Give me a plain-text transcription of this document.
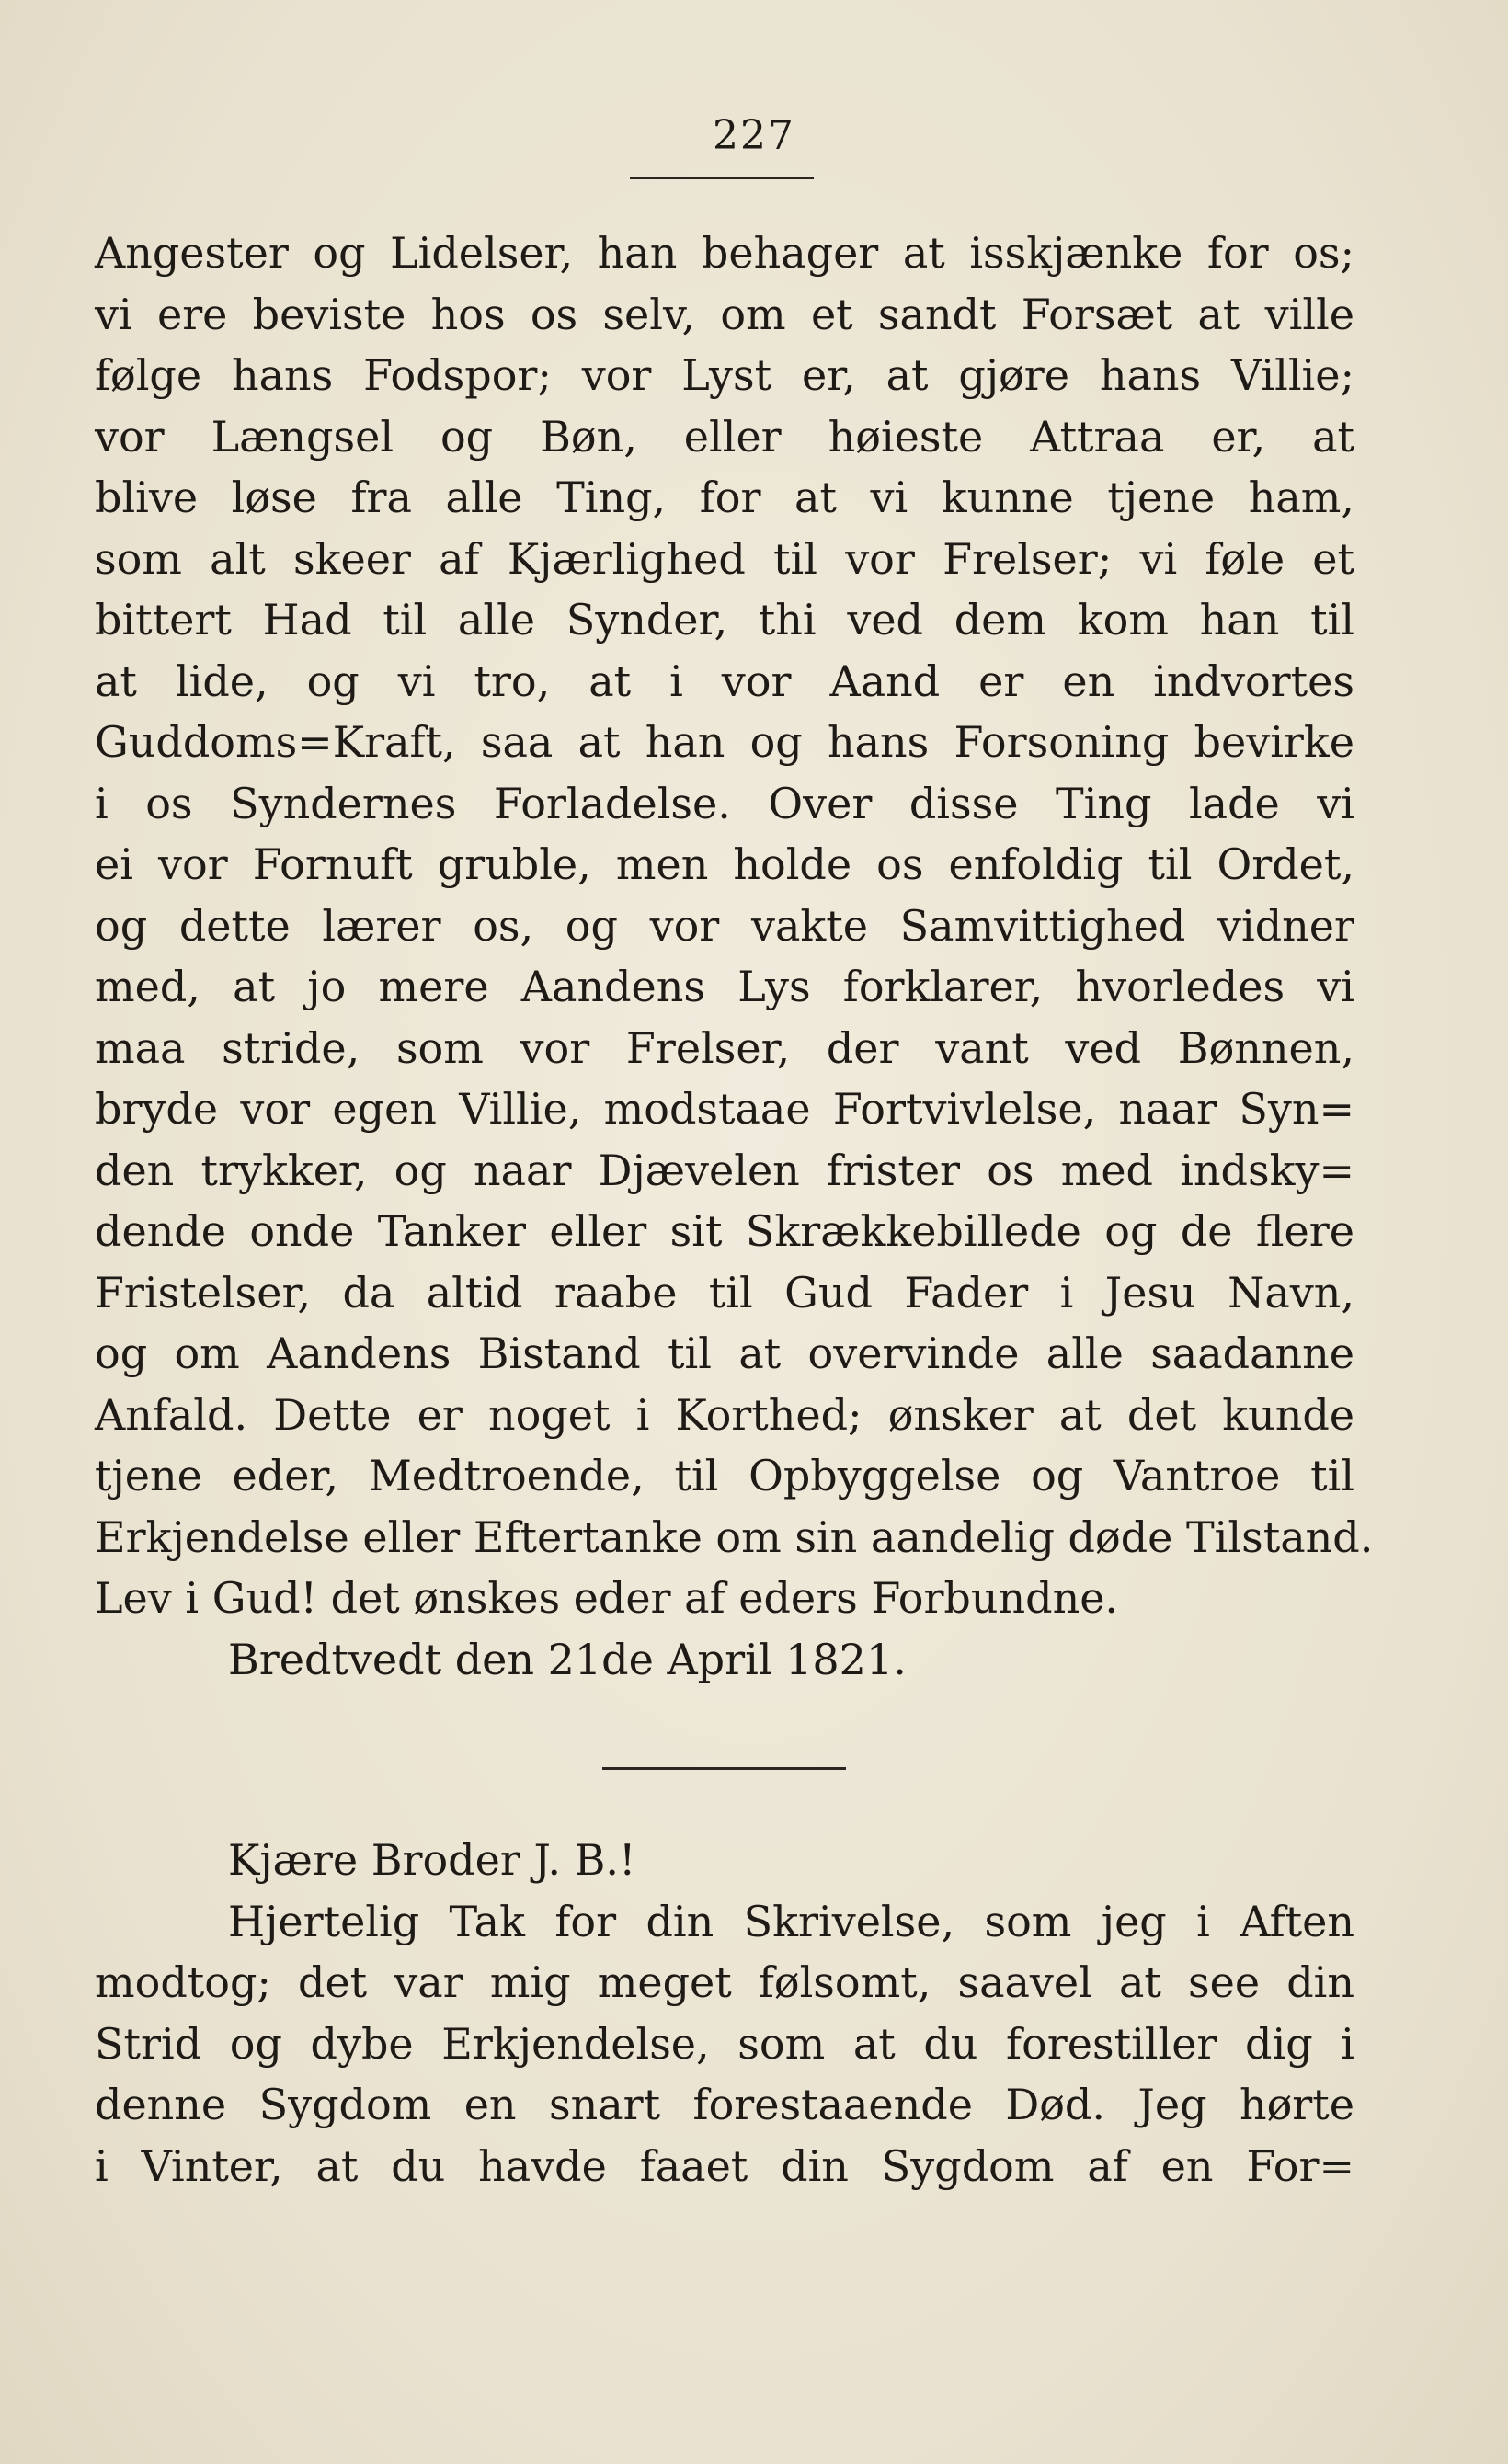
227
Angester og Lidelser, han behager at isskjænke for os;
vi ere beviste hos os selv, om et sandt Forsæt at ville
følge hans Fodspor; vor Lyst er, at gjøre hans Villie;
vor Længsel og Bøn, eller høieste Attraa er, at
blive løse fra alle Ting, for at vi kunne tjene ham,
som alt skeer af Kjærlighed til vor Frelser; vi føle et
bittert Had til alle Synder, thi ved dem kom han til
at lide, og vi tro, at i vor Aand er en indvortes
Guddoms=Kraft, saa at han og hans Forsoning bevirke
i os Syndernes Forladelse. Over disse Ting lade vi
ei vor Fornuft gruble, men holde os enfoldig til Ordet,
og dette lærer os, og vor vakte Samvittighed vidner
med, at jo mere Aandens Lys forklarer, hvorledes vi
maa stride, som vor Frelser, der vant ved Bønnen,
bryde vor egen Villie, modstaae Fortvivlelse, naar Syn=
den trykker, og naar Djævelen frister os med indsky=
dende onde Tanker eller sit Skrækkebillede og de flere
Fristelser, da altid raabe til Gud Fader i Jesu Navn,
og om Aandens Bistand til at overvinde alle saadanne
Anfald. Dette er noget i Korthed; ønsker at det kunde
tjene eder, Medtroende, til Opbyggelse og Vantroe til
Erkjendelse eller Eftertanke om sin aandelig døde Tilstand.
Lev i Gud! det ønskes eder af eders Forbundne.
Bredtvedt den 21de April 1821.
Kjære Broder J. B.!
Hjertelig Tak for din Skrivelse, som jeg i Aften
modtog; det var mig meget følsomt, saavel at see din
Strid og dybe Erkjendelse, som at du forestiller dig i
denne Sygdom en snart forestaaende Død. Jeg hørte
i Vinter, at du havde faaet din Sygdom af en For=
